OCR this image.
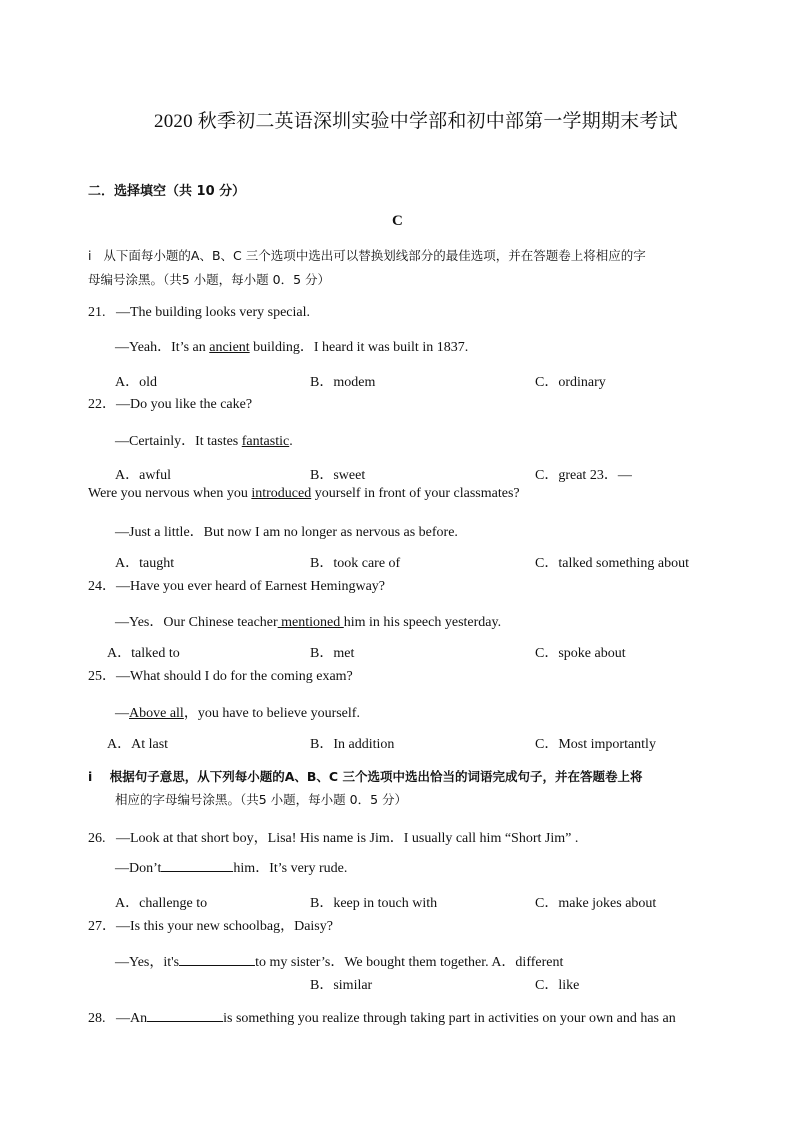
2020 秋季初二英语深圳实验中学部和初中部第一学期期末考试
二．选择填空（共 10 分）
C
i 从下面每小题的A、B、C 三个选项中选出可以替换划线部分的最佳选项，并在答题卷上将相应的字
母编号涂黑。（共5 小题，每小题 0．5 分）
21. —The building looks very special.
—Yeah．It’s an ancient building．I heard it was built in 1837.
A．old	B．modem	C．ordinary
22．—Do you like the cake?
—Certainly．It tastes fantastic.
A．awful	B．sweet	C．great 23．—
Were you nervous when you introduced yourself in front of your classmates?
—Just a little．But now I am no longer as nervous as before.
A．taught	B．took care of	C．talked something about
24．—Have you ever heard of Earnest Hemingway?
—Yes．Our Chinese teacher mentioned him in his speech yesterday.
A．talked to	B．met	C．spoke about
25．—What should I do for the coming exam?
—Above all，you have to believe yourself.
A．At last	B．In addition	C．Most importantly
i 根据句子意思，从下列每小题的A、B、C 三个选项中选出恰当的词语完成句子，并在答题卷上将
相应的字母编号涂黑。（共5 小题，每小题 0．5 分）
26. —Look at that short boy，Lisa! His name is Jim．I usually call him “Short Jim” .
—Don’t	him．It’s very rude.
A．challenge to	B．keep in touch with	C．make jokes about
27．—Is this your new schoolbag，Daisy?
—Yes，it's	to my sister’s．We bought them together. A．different
B．similar	C．like
28. —An	is something you realize through taking part in activities on your own and has an
